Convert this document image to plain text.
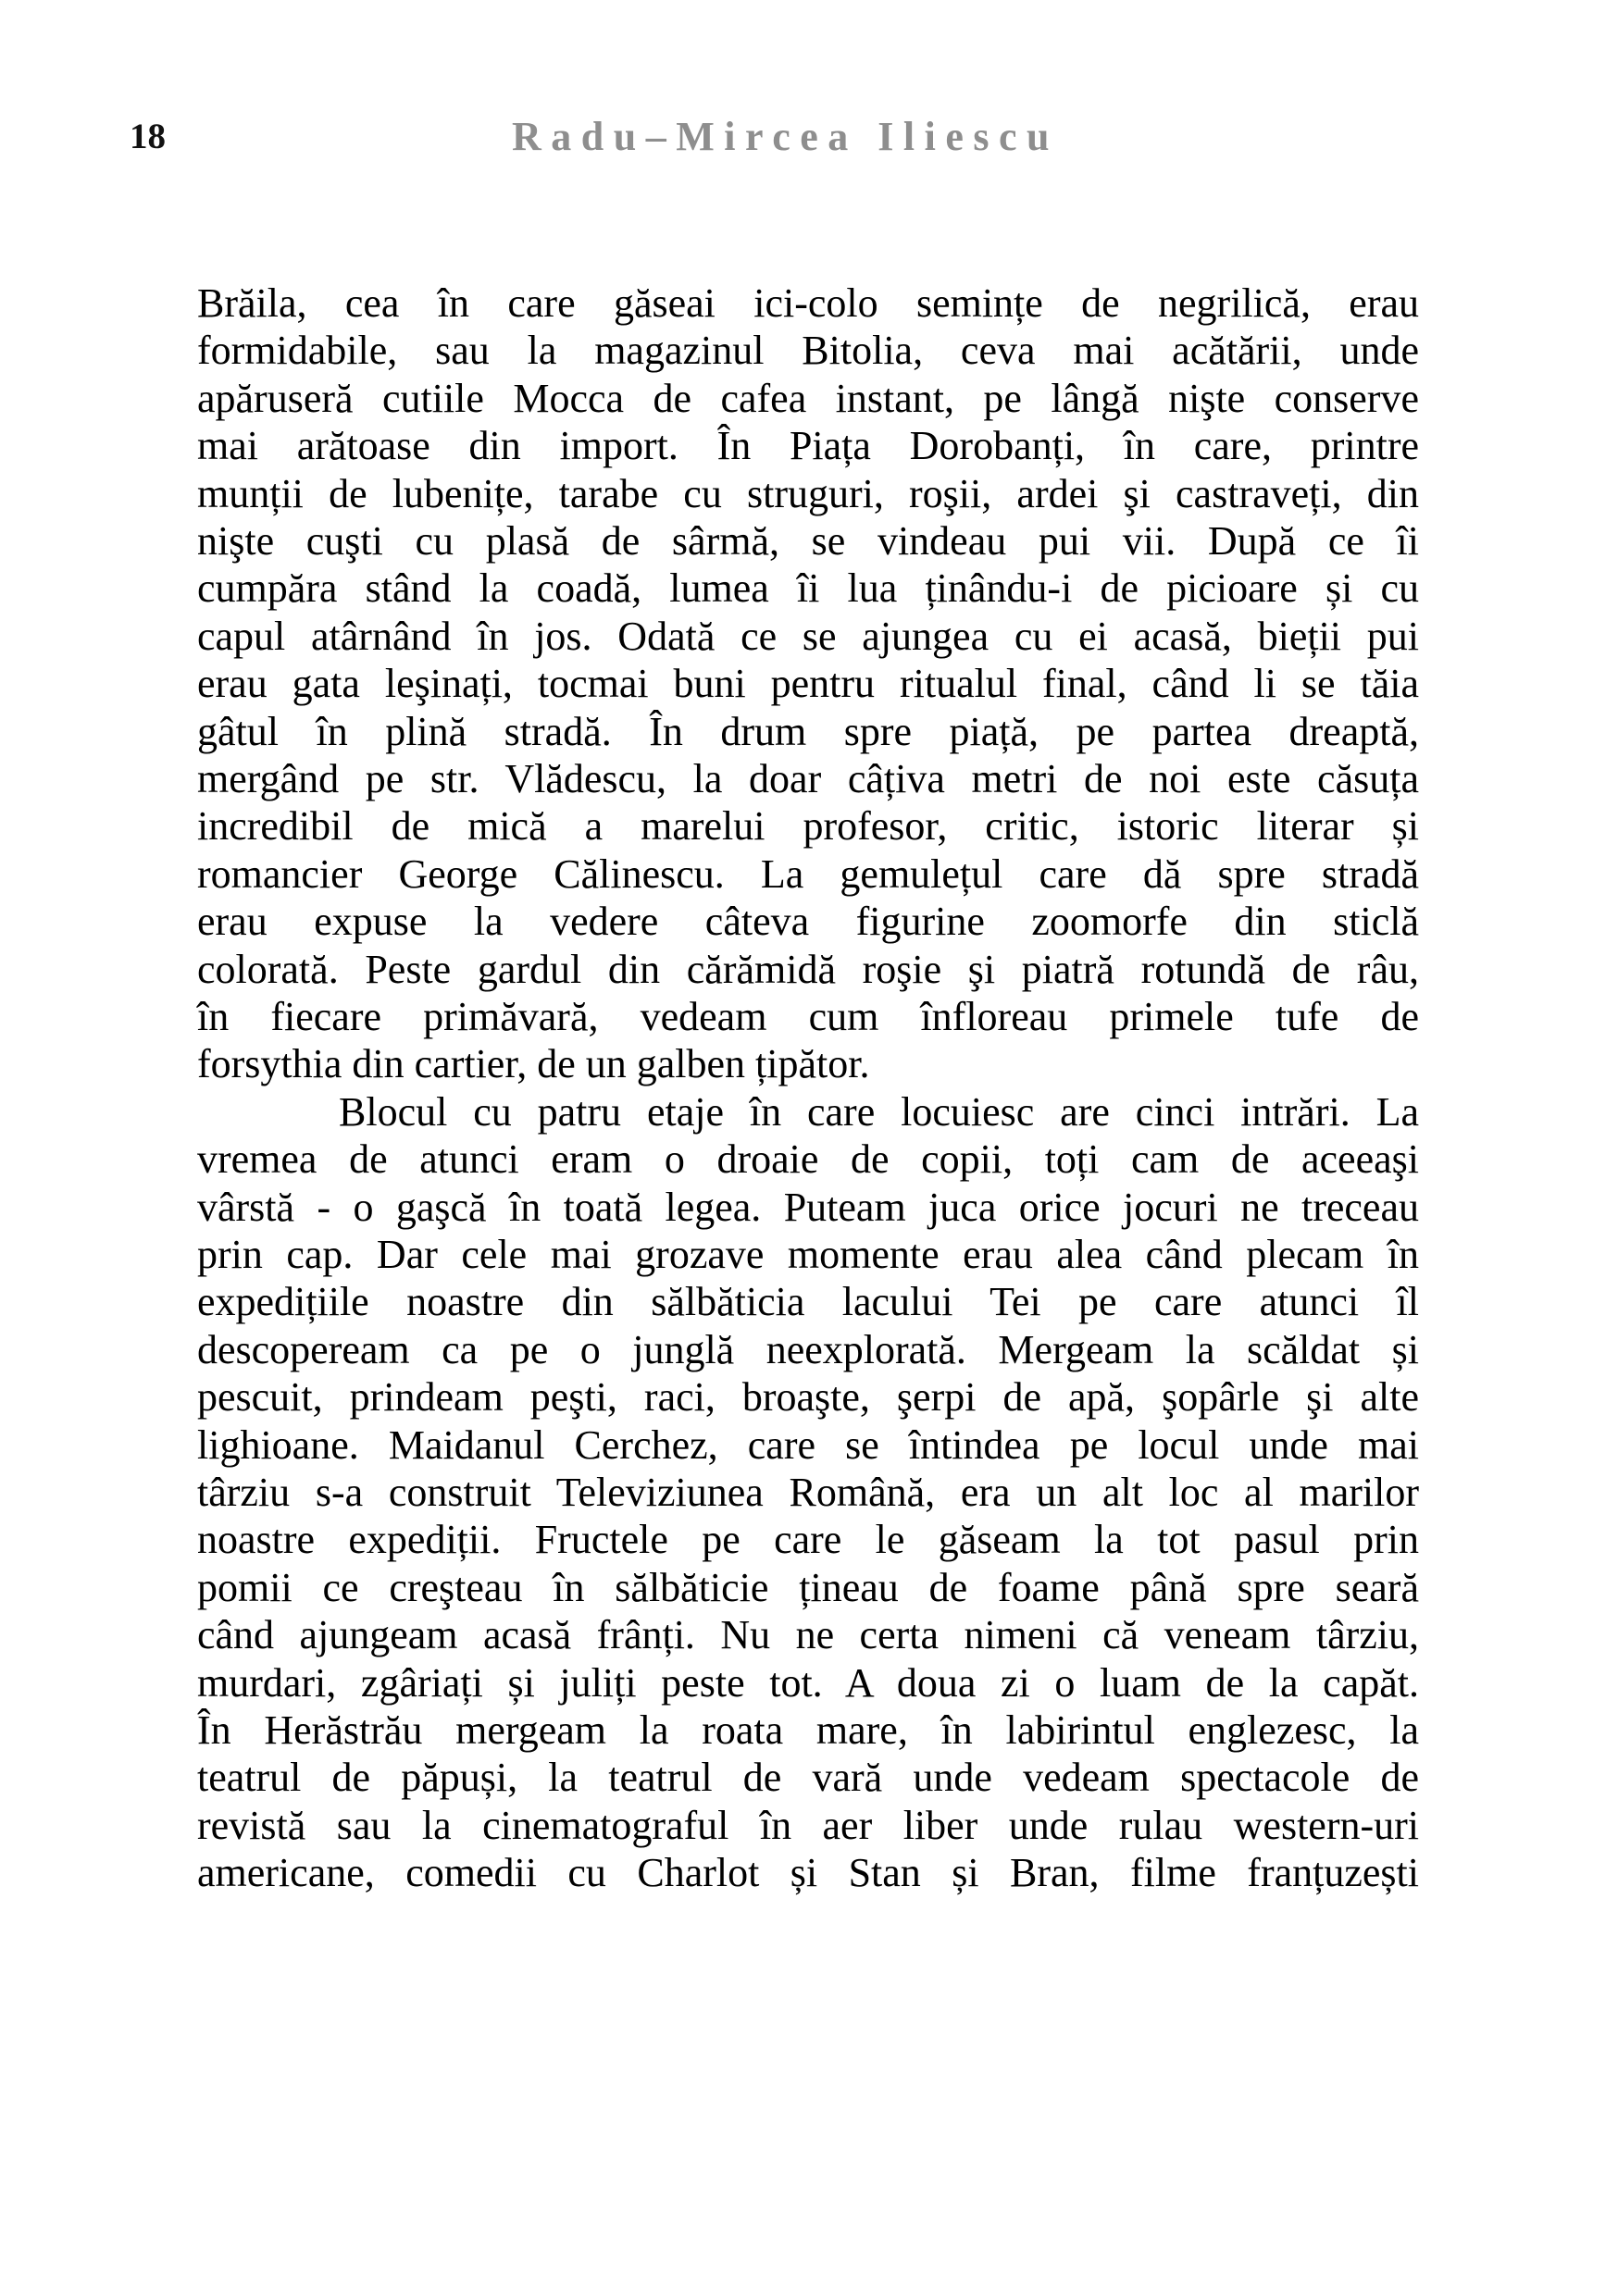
18	Radu–Mircea Iliescu
Brăila, cea în care găseai ici-colo semințe de negrilică, erau
formidabile, sau la magazinul Bitolia, ceva mai acătării, unde
apăruseră cutiile Mocca de cafea instant, pe lângă nişte conserve
mai arătoase din import. În Piața Dorobanți, în care, printre
munții de lubenițe, tarabe cu struguri, roşii, ardei şi castraveți, din
nişte cuşti cu plasă de sârmă, se vindeau pui vii. După ce îi
cumpăra stând la coadă, lumea îi lua ținându-i de picioare și cu
capul atârnând în jos. Odată ce se ajungea cu ei acasă, bieții pui
erau gata leşinați, tocmai buni pentru ritualul final, când li se tăia
gâtul în plină stradă. În drum spre piață, pe partea dreaptă,
mergând pe str. Vlădescu, la doar câțiva metri de noi este căsuța
incredibil de mică a marelui profesor, critic, istoric literar și
romancier George Călinescu. La gemulețul care dă spre stradă
erau expuse la vedere câteva figurine zoomorfe din sticlă
colorată. Peste gardul din cărămidă roşie şi piatră rotundă de râu,
în fiecare primăvară, vedeam cum înfloreau primele tufe de
forsythia din cartier, de un galben țipător.
Blocul cu patru etaje în care locuiesc are cinci intrări. La
vremea de atunci eram o droaie de copii, toți cam de aceeaşi
vârstă - o gaşcă în toată legea. Puteam juca orice jocuri ne treceau
prin cap. Dar cele mai grozave momente erau alea când plecam în
expedițiile noastre din sălbăticia lacului Tei pe care atunci îl
descopeream ca pe o junglă neexplorată. Mergeam la scăldat și
pescuit, prindeam peşti, raci, broaşte, şerpi de apă, şopârle şi alte
lighioane. Maidanul Cerchez, care se întindea pe locul unde mai
târziu s-a construit Televiziunea Română, era un alt loc al marilor
noastre expediții. Fructele pe care le găseam la tot pasul prin
pomii ce creşteau în sălbăticie țineau de foame până spre seară
când ajungeam acasă frânți. Nu ne certa nimeni că veneam târziu,
murdari, zgâriați și juliți peste tot. A doua zi o luam de la capăt.
În Herăstrău mergeam la roata mare, în labirintul englezesc, la
teatrul de păpuși, la teatrul de vară unde vedeam spectacole de
revistă sau la cinematograful în aer liber unde rulau western-uri
americane, comedii cu Charlot și Stan și Bran, filme franțuzești
